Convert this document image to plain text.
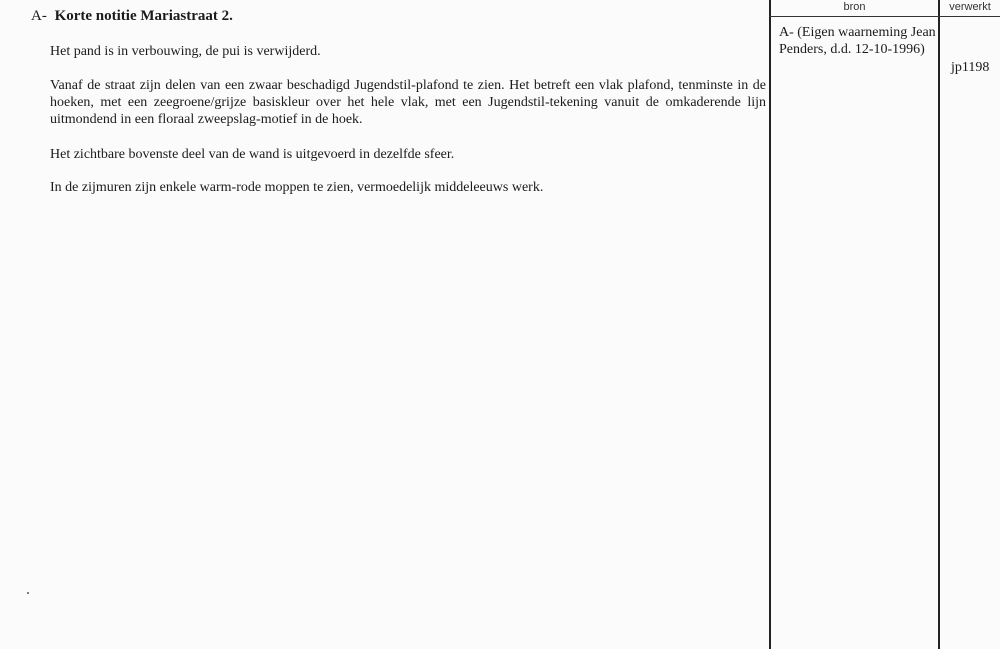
A- Korte notitie Mariastraat 2.
Het pand is in verbouwing, de pui is verwijderd.
Vanaf de straat zijn delen van een zwaar beschadigd Jugendstil-plafond te zien. Het betreft een vlak plafond, tenminste in de hoeken, met een zeegroene/grijze basiskleur over het hele vlak, met een Jugendstil-tekening vanuit de omkaderende lijn uitmondend in een floraal zweepslag-motief in de hoek.
Het zichtbare bovenste deel van de wand is uitgevoerd in dezelfde sfeer.
In de zijmuren zijn enkele warm-rode moppen te zien, vermoedelijk middeleeuws werk.
bron	verwerkt
A- (Eigen waarneming Jean Penders, d.d. 12-10-1996)
jp1198
